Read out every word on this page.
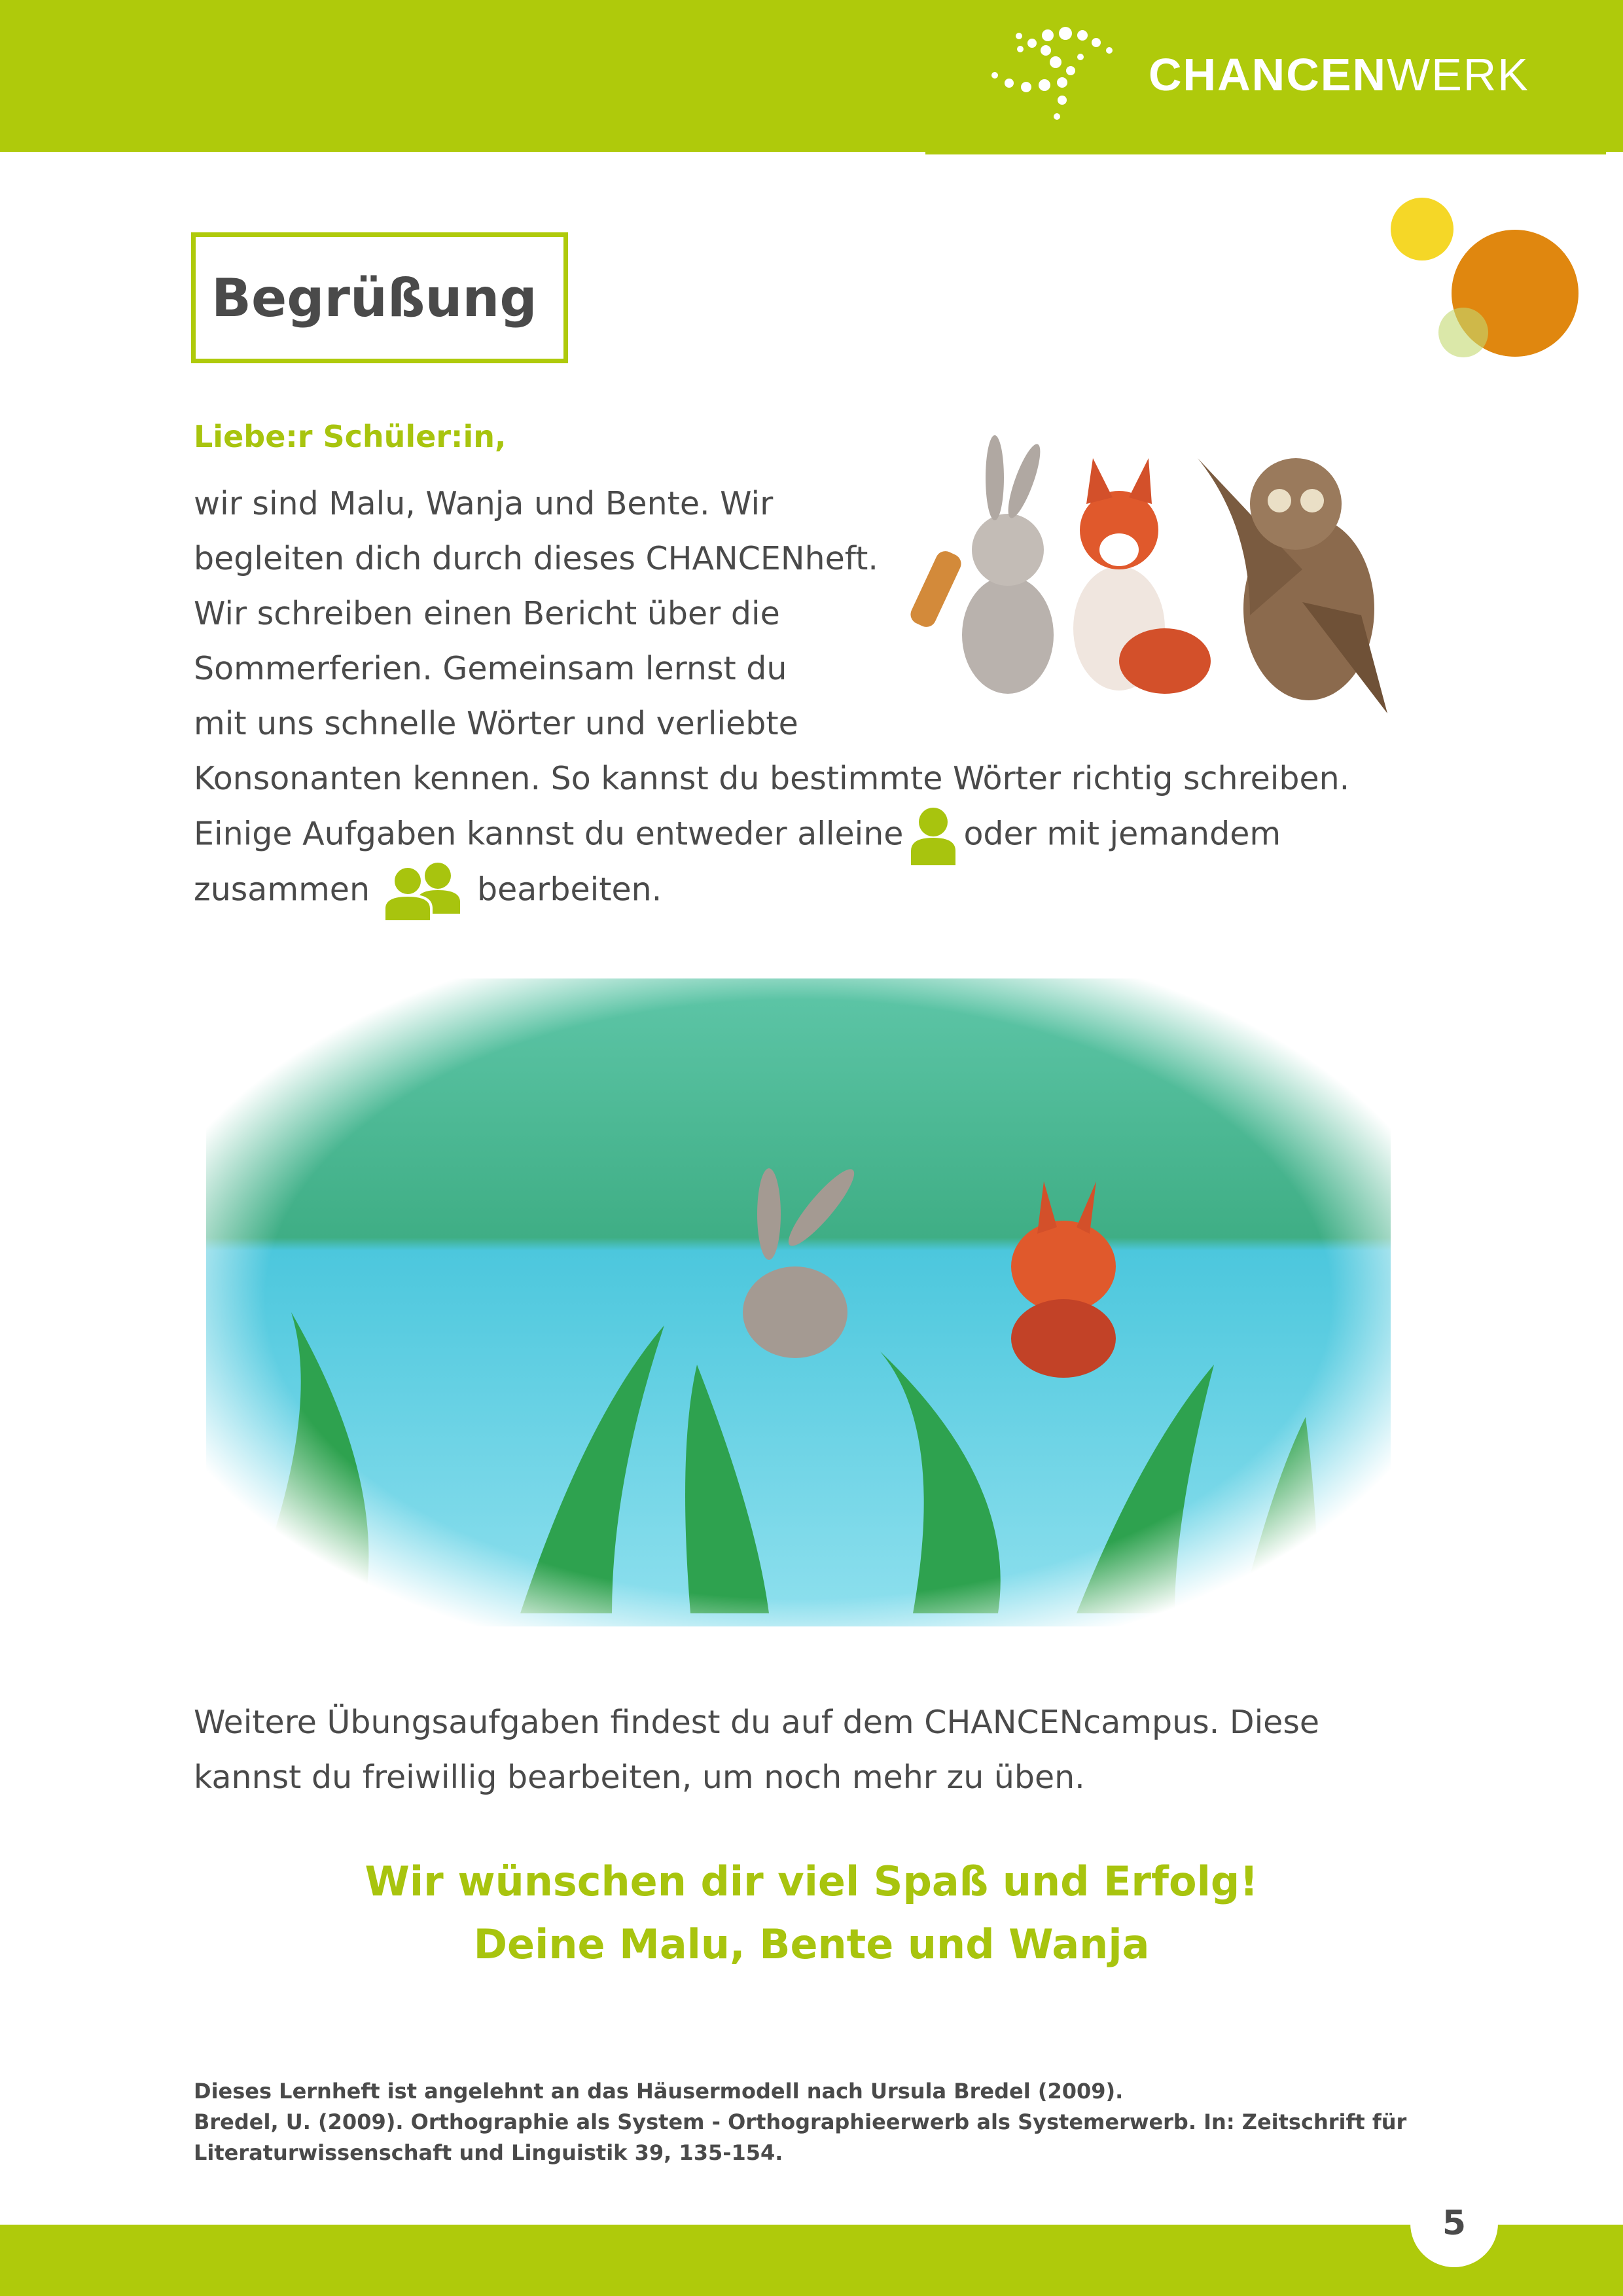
CHANCENWERK
Begrüßung
Liebe:r Schüler:in,
wir sind Malu, Wanja und Bente. Wir
begleiten dich durch dieses CHANCENheft.
Wir schreiben einen Bericht über die
Sommerferien. Gemeinsam lernst du
mit uns schnelle Wörter und verliebte
Konsonanten kennen. So kannst du bestimmte Wörter richtig schreiben.
Einige Aufgaben kannst du entweder alleine oder mit jemandem
zusammen	bearbeiten.
Weitere Übungsaufgaben findest du auf dem CHANCENcampus. Diese
kannst du freiwillig bearbeiten, um noch mehr zu üben.
Wir wünschen dir viel Spaß und Erfolg!
Deine Malu, Bente und Wanja
Dieses Lernheft ist angelehnt an das Häusermodell nach Ursula Bredel (2009).
Bredel, U. (2009). Orthographie als System - Orthographieerwerb als Systemerwerb. In: Zeitschrift für
Literaturwissenschaft und Linguistik 39, 135-154.
5
